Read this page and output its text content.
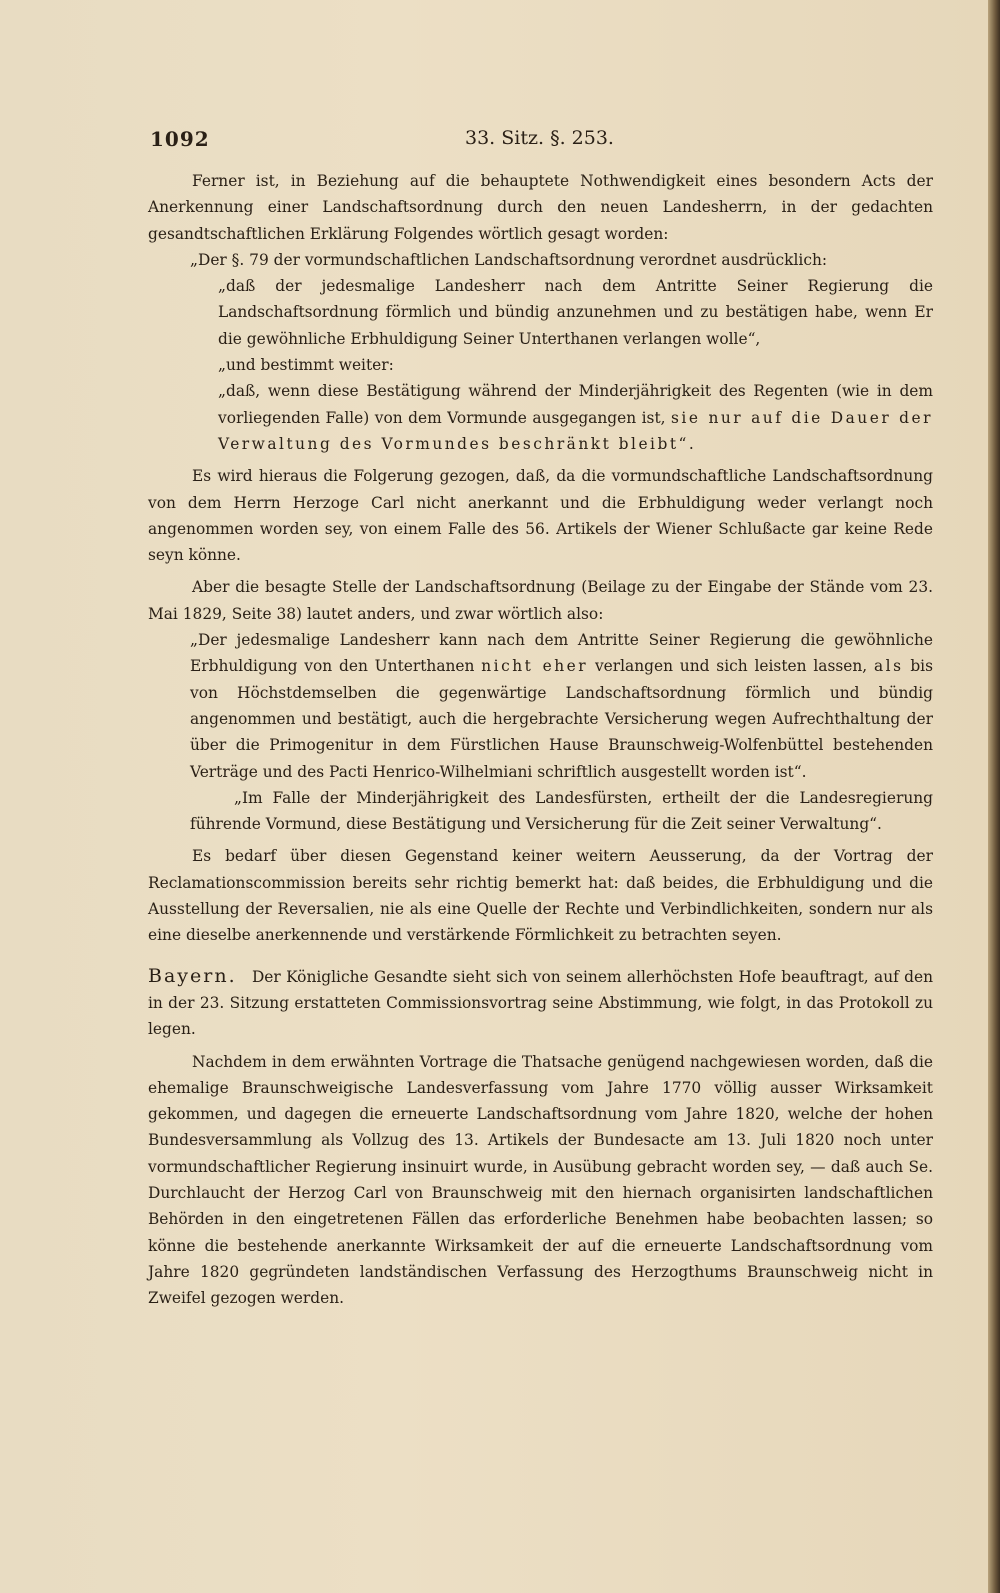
1092	33. Sitz. §. 253.

Ferner ist, in Beziehung auf die behauptete Nothwendigkeit eines besondern Acts der Anerkennung einer Landschaftsordnung durch den neuen Landesherrn, in der gedachten gesandtschaftlichen Erklärung Folgendes wörtlich gesagt worden:

„Der §. 79 der vormundschaftlichen Landschaftsordnung verordnet ausdrücklich:

„daß der jedesmalige Landesherr nach dem Antritte Seiner Regierung die Landschaftsordnung förmlich und bündig anzunehmen und zu bestätigen habe, wenn Er die gewöhnliche Erbhuldigung Seiner Unterthanen verlangen wolle“,

„und bestimmt weiter:

„daß, wenn diese Bestätigung während der Minderjährigkeit des Regenten (wie in dem vorliegenden Falle) von dem Vormunde ausgegangen ist, sie nur auf die Dauer der Verwaltung des Vormundes beschränkt bleibt“.

Es wird hieraus die Folgerung gezogen, daß, da die vormundschaftliche Landschaftsordnung von dem Herrn Herzoge Carl nicht anerkannt und die Erbhuldigung weder verlangt noch angenommen worden sey, von einem Falle des 56. Artikels der Wiener Schlußacte gar keine Rede seyn könne.

Aber die besagte Stelle der Landschaftsordnung (Beilage zu der Eingabe der Stände vom 23. Mai 1829, Seite 38) lautet anders, und zwar wörtlich also:

„Der jedesmalige Landesherr kann nach dem Antritte Seiner Regierung die gewöhnliche Erbhuldigung von den Unterthanen nicht eher verlangen und sich leisten lassen, als bis von Höchstdemselben die gegenwärtige Landschaftsordnung förmlich und bündig angenommen und bestätigt, auch die hergebrachte Versicherung wegen Aufrechthaltung der über die Primogenitur in dem Fürstlichen Hause Braunschweig-Wolfenbüttel bestehenden Verträge und des Pacti Henrico-Wilhelmiani schriftlich ausgestellt worden ist“.

„Im Falle der Minderjährigkeit des Landesfürsten, ertheilt der die Landesregierung führende Vormund, diese Bestätigung und Versicherung für die Zeit seiner Verwaltung“.

Es bedarf über diesen Gegenstand keiner weitern Aeusserung, da der Vortrag der Reclamationscommission bereits sehr richtig bemerkt hat: daß beides, die Erbhuldigung und die Ausstellung der Reversalien, nie als eine Quelle der Rechte und Verbindlichkeiten, sondern nur als eine dieselbe anerkennende und verstärkende Förmlichkeit zu betrachten seyen.

Bayern. Der Königliche Gesandte sieht sich von seinem allerhöchsten Hofe beauftragt, auf den in der 23. Sitzung erstatteten Commissionsvortrag seine Abstimmung, wie folgt, in das Protokoll zu legen.

Nachdem in dem erwähnten Vortrage die Thatsache genügend nachgewiesen worden, daß die ehemalige Braunschweigische Landesverfassung vom Jahre 1770 völlig ausser Wirksamkeit gekommen, und dagegen die erneuerte Landschaftsordnung vom Jahre 1820, welche der hohen Bundesversammlung als Vollzug des 13. Artikels der Bundesacte am 13. Juli 1820 noch unter vormundschaftlicher Regierung insinuirt wurde, in Ausübung gebracht worden sey, — daß auch Se. Durchlaucht der Herzog Carl von Braunschweig mit den hiernach organisirten landschaftlichen Behörden in den eingetretenen Fällen das erforderliche Benehmen habe beobachten lassen; so könne die bestehende anerkannte Wirksamkeit der auf die erneuerte Landschaftsordnung vom Jahre 1820 gegründeten landständischen Verfassung des Herzogthums Braunschweig nicht in Zweifel gezogen werden.
